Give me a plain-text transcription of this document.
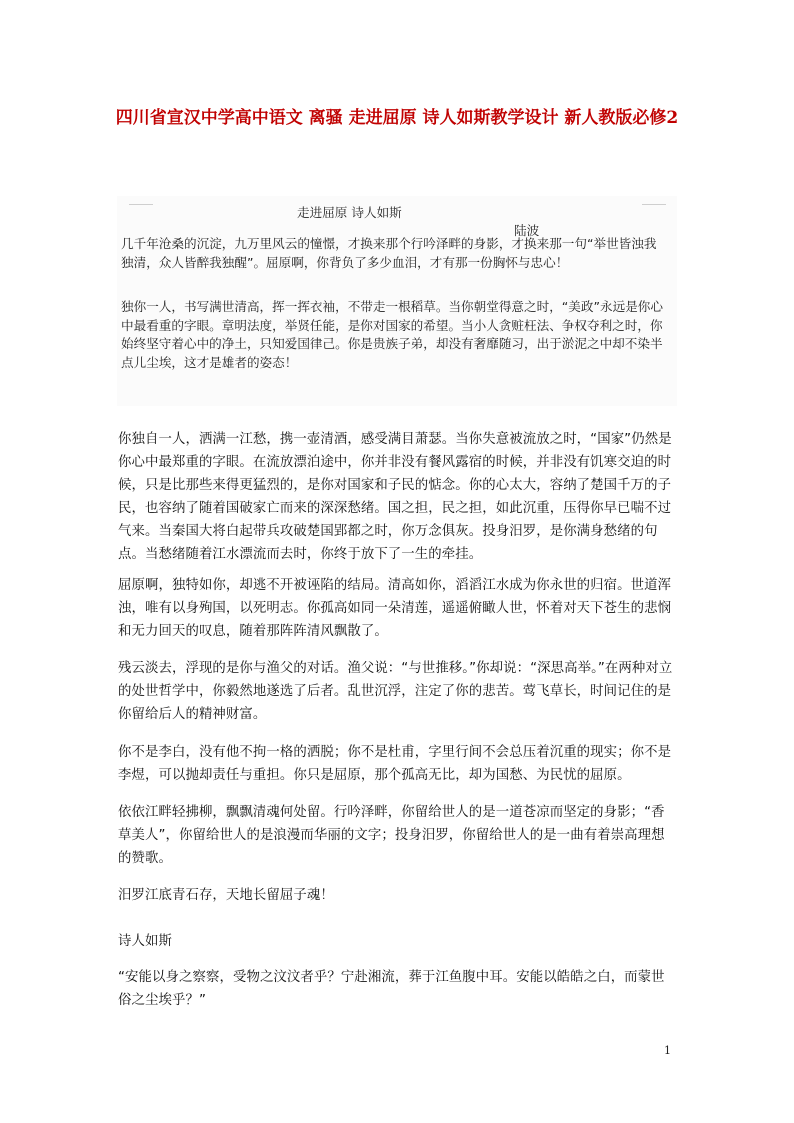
四川省宣汉中学高中语文 离骚 走进屈原 诗人如斯教学设计 新人教版必修2
走进屈原 诗人如斯
陆波

几千年沧桑的沉淀，九万里风云的憧憬，才换来那个行吟泽畔的身影，才换来那一句“举世皆浊我独清，众人皆醉我独醒”。屈原啊，你背负了多少血泪，才有那一份胸怀与忠心！

独你一人，书写满世清高，挥一挥衣袖，不带走一根稻草。当你朝堂得意之时，“美政”永远是你心中最看重的字眼。章明法度，举贤任能，是你对国家的希望。当小人贪赃枉法、争权夺利之时，你始终坚守着心中的净土，只知爱国律己。你是贵族子弟，却没有奢靡随习，出于淤泥之中却不染半点儿尘埃，这才是雄者的姿态！

你独自一人，洒满一江愁，携一壶清酒，感受满目萧瑟。当你失意被流放之时，“国家”仍然是你心中最郑重的字眼。在流放漂泊途中，你并非没有餐风露宿的时候，并非没有饥寒交迫的时候，只是比那些来得更猛烈的，是你对国家和子民的惦念。你的心太大，容纳了楚国千万的子民，也容纳了随着国破家亡而来的深深愁绪。国之担，民之担，如此沉重，压得你早已喘不过气来。当秦国大将白起带兵攻破楚国郢都之时，你万念俱灰。投身汨罗，是你满身愁绪的句点。当愁绪随着江水漂流而去时，你终于放下了一生的牵挂。

屈原啊，独特如你，却逃不开被诬陷的结局。清高如你，滔滔江水成为你永世的归宿。世道浑浊，唯有以身殉国，以死明志。你孤高如同一朵清莲，遥遥俯瞰人世，怀着对天下苍生的悲悯和无力回天的叹息，随着那阵阵清风飘散了。

残云淡去，浮现的是你与渔父的对话。渔父说：“与世推移。”你却说：“深思高举。”在两种对立的处世哲学中，你毅然地遂选了后者。乱世沉浮，注定了你的悲苦。莺飞草长，时间记住的是你留给后人的精神财富。

你不是李白，没有他不拘一格的洒脱；你不是杜甫，字里行间不会总压着沉重的现实；你不是李煜，可以抛却责任与重担。你只是屈原，那个孤高无比，却为国愁、为民忧的屈原。

依依江畔轻拂柳，飘飘清魂何处留。行吟泽畔，你留给世人的是一道苍凉而坚定的身影；“香草美人”，你留给世人的是浪漫而华丽的文字；投身汨罗，你留给世人的是一曲有着崇高理想的赞歌。

汨罗江底青石存，天地长留屈子魂！

诗人如斯

“安能以身之察察，受物之汶汶者乎？宁赴湘流，葬于江鱼腹中耳。安能以皓皓之白，而蒙世俗之尘埃乎？”

1
